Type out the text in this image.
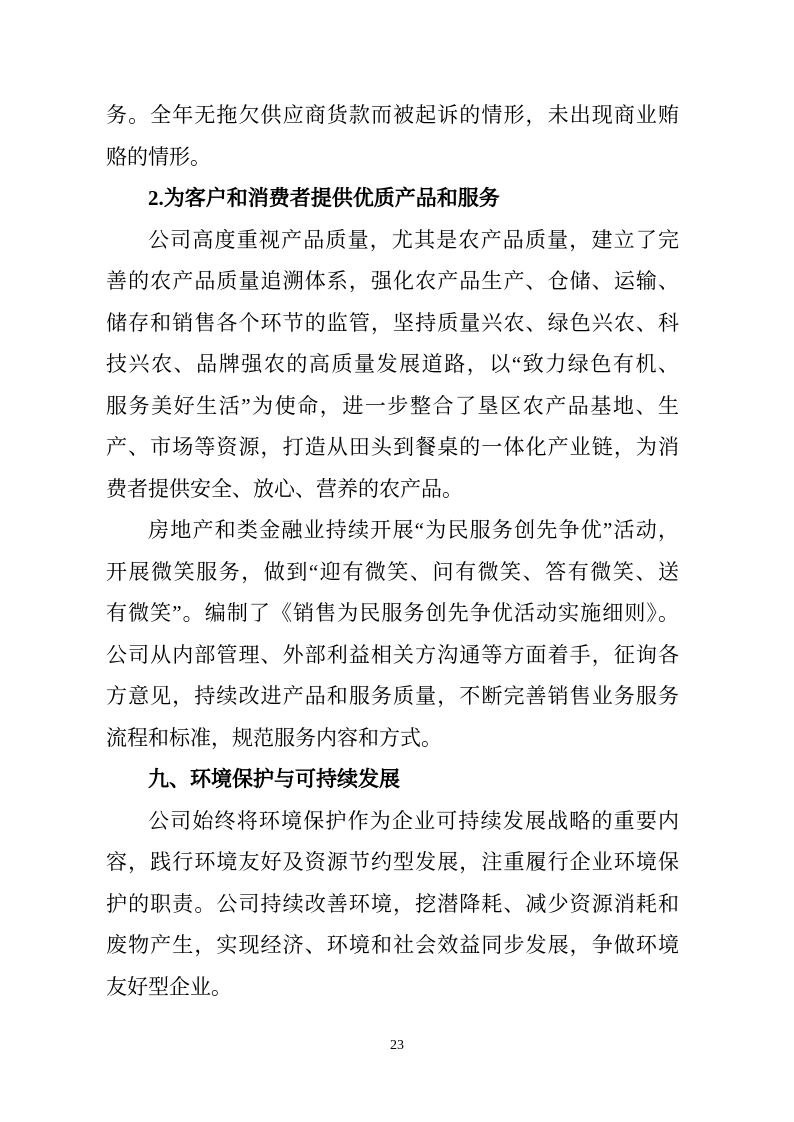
务。全年无拖欠供应商货款而被起诉的情形，未出现商业贿
赂的情形。
2.为客户和消费者提供优质产品和服务
公司高度重视产品质量，尤其是农产品质量，建立了完
善的农产品质量追溯体系，强化农产品生产、仓储、运输、
储存和销售各个环节的监管，坚持质量兴农、绿色兴农、科
技兴农、品牌强农的高质量发展道路，以“致力绿色有机、
服务美好生活”为使命，进一步整合了垦区农产品基地、生
产、市场等资源，打造从田头到餐桌的一体化产业链，为消
费者提供安全、放心、营养的农产品。
房地产和类金融业持续开展“为民服务创先争优”活动，
开展微笑服务，做到“迎有微笑、问有微笑、答有微笑、送
有微笑”。编制了《销售为民服务创先争优活动实施细则》。
公司从内部管理、外部利益相关方沟通等方面着手，征询各
方意见，持续改进产品和服务质量，不断完善销售业务服务
流程和标准，规范服务内容和方式。
九、环境保护与可持续发展
公司始终将环境保护作为企业可持续发展战略的重要内
容，践行环境友好及资源节约型发展，注重履行企业环境保
护的职责。公司持续改善环境，挖潜降耗、减少资源消耗和
废物产生，实现经济、环境和社会效益同步发展，争做环境
友好型企业。
23
